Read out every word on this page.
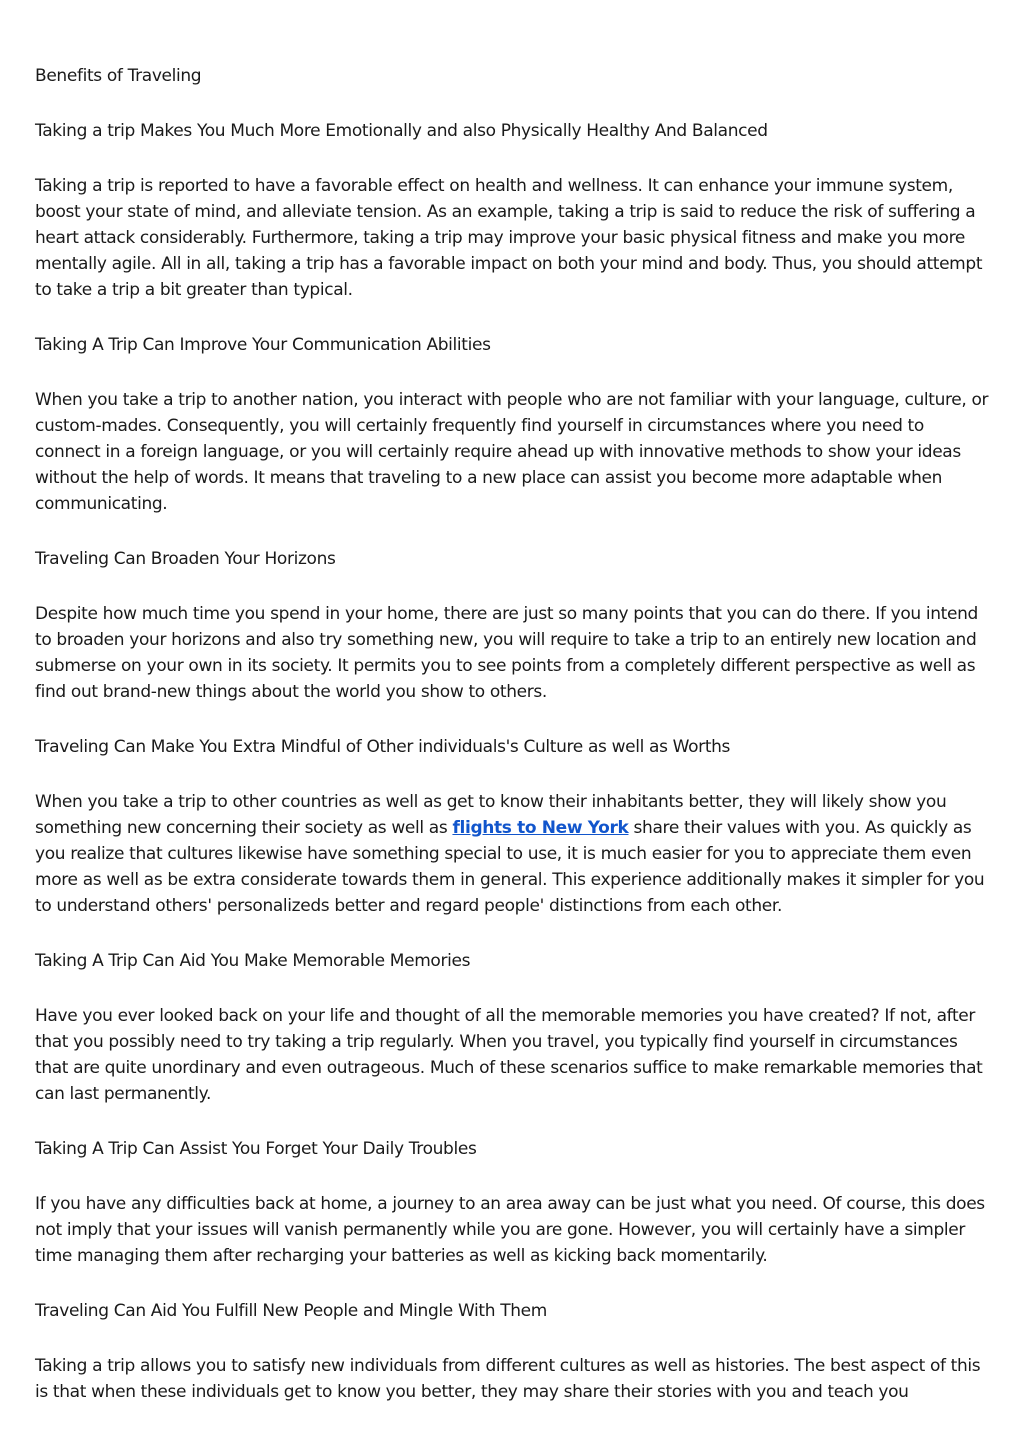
Benefits of Traveling

Taking a trip Makes You Much More Emotionally and also Physically Healthy And Balanced

Taking a trip is reported to have a favorable effect on health and wellness. It can enhance your immune system, boost your state of mind, and alleviate tension. As an example, taking a trip is said to reduce the risk of suffering a heart attack considerably. Furthermore, taking a trip may improve your basic physical fitness and make you more mentally agile. All in all, taking a trip has a favorable impact on both your mind and body. Thus, you should attempt to take a trip a bit greater than typical.

Taking A Trip Can Improve Your Communication Abilities

When you take a trip to another nation, you interact with people who are not familiar with your language, culture, or custom-mades. Consequently, you will certainly frequently find yourself in circumstances where you need to connect in a foreign language, or you will certainly require ahead up with innovative methods to show your ideas without the help of words. It means that traveling to a new place can assist you become more adaptable when communicating.

Traveling Can Broaden Your Horizons

Despite how much time you spend in your home, there are just so many points that you can do there. If you intend to broaden your horizons and also try something new, you will require to take a trip to an entirely new location and submerse on your own in its society. It permits you to see points from a completely different perspective as well as find out brand-new things about the world you show to others.

Traveling Can Make You Extra Mindful of Other individuals's Culture as well as Worths

When you take a trip to other countries as well as get to know their inhabitants better, they will likely show you something new concerning their society as well as flights to New York share their values with you. As quickly as you realize that cultures likewise have something special to use, it is much easier for you to appreciate them even more as well as be extra considerate towards them in general. This experience additionally makes it simpler for you to understand others' personalizeds better and regard people' distinctions from each other.

Taking A Trip Can Aid You Make Memorable Memories

Have you ever looked back on your life and thought of all the memorable memories you have created? If not, after that you possibly need to try taking a trip regularly. When you travel, you typically find yourself in circumstances that are quite unordinary and even outrageous. Much of these scenarios suffice to make remarkable memories that can last permanently.

Taking A Trip Can Assist You Forget Your Daily Troubles

If you have any difficulties back at home, a journey to an area away can be just what you need. Of course, this does not imply that your issues will vanish permanently while you are gone. However, you will certainly have a simpler time managing them after recharging your batteries as well as kicking back momentarily.

Traveling Can Aid You Fulfill New People and Mingle With Them

Taking a trip allows you to satisfy new individuals from different cultures as well as histories. The best aspect of this is that when these individuals get to know you better, they may share their stories with you and teach you
